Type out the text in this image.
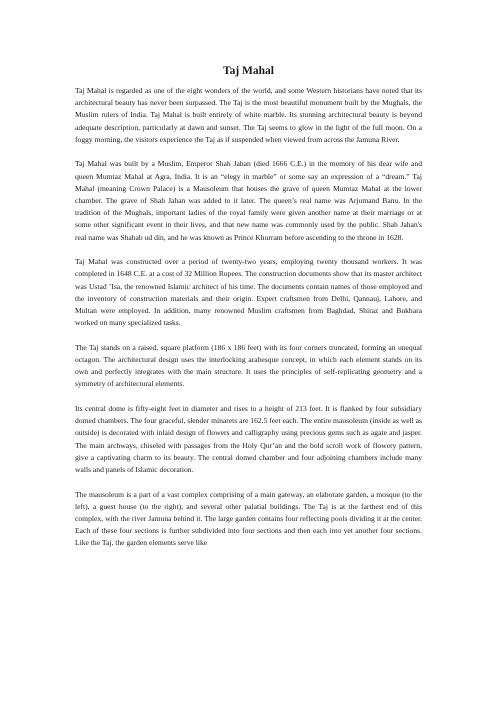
Taj Mahal

Taj Mahal is regarded as one of the eight wonders of the world, and some Western historians have noted that its architectural beauty has never been surpassed. The Taj is the most beautiful monument built by the Mughals, the Muslim rulers of India. Taj Mahal is built entirely of white marble. Its stunning architectural beauty is beyond adequate description, particularly at dawn and sunset. The Taj seems to glow in the light of the full moon. On a foggy morning, the visitors experience the Taj as if suspended when viewed from across the Jamuna River.

Taj Mahal was built by a Muslim, Emperor Shah Jahan (died 1666 C.E.) in the memory of his dear wife and queen Mumtaz Mahal at Agra, India. It is an “elegy in marble” or some say an expression of a “dream.” Taj Mahal (meaning Crown Palace) is a Mausoleum that houses the grave of queen Mumtaz Mahal at the lower chamber. The grave of Shah Jahan was added to it later. The queen’s real name was Arjumand Banu. In the tradition of the Mughals, important ladies of the royal family were given another name at their marriage or at some other significant event in their lives, and that new name was commonly used by the public. Shah Jahan's real name was Shahab ud din, and he was known as Prince Khurram before ascending to the throne in 1628.

Taj Mahal was constructed over a period of twenty-two years, employing twenty thousand workers. It was completed in 1648 C.E. at a cost of 32 Million Rupees. The construction documents show that its master architect was Ustad ’Isa, the renowned Islamic architect of his time. The documents contain names of those employed and the inventory of construction materials and their origin. Expert craftsmen from Delhi, Qannauj, Lahore, and Multan were employed. In addition, many renowned Muslim craftsmen from Baghdad, Shiraz and Bukhara worked on many specialized tasks.

The Taj stands on a raised, square platform (186 x 186 feet) with its four corners truncated, forming an unequal octagon. The architectural design uses the interlocking arabesque concept, in which each element stands on its own and perfectly integrates with the main structure. It uses the principles of self-replicating geometry and a symmetry of architectural elements.

Its central dome is fifty-eight feet in diameter and rises to a height of 213 feet. It is flanked by four subsidiary domed chambers. The four graceful, slender minarets are 162.5 feet each. The entire mausoleum (inside as well as outside) is decorated with inlaid design of flowers and calligraphy using precious gems such as agate and jasper. The main archways, chiseled with passages from the Holy Qur’an and the bold scroll work of flowery pattern, give a captivating charm to its beauty. The central domed chamber and four adjoining chambers include many walls and panels of Islamic decoration.

The mausoleum is a part of a vast complex comprising of a main gateway, an elaborate garden, a mosque (to the left), a guest house (to the right), and several other palatial buildings. The Taj is at the farthest end of this complex, with the river Jamuna behind it. The large garden contains four reflecting pools dividing it at the center. Each of these four sections is further subdivided into four sections and then each into yet another four sections. Like the Taj, the garden elements serve like
